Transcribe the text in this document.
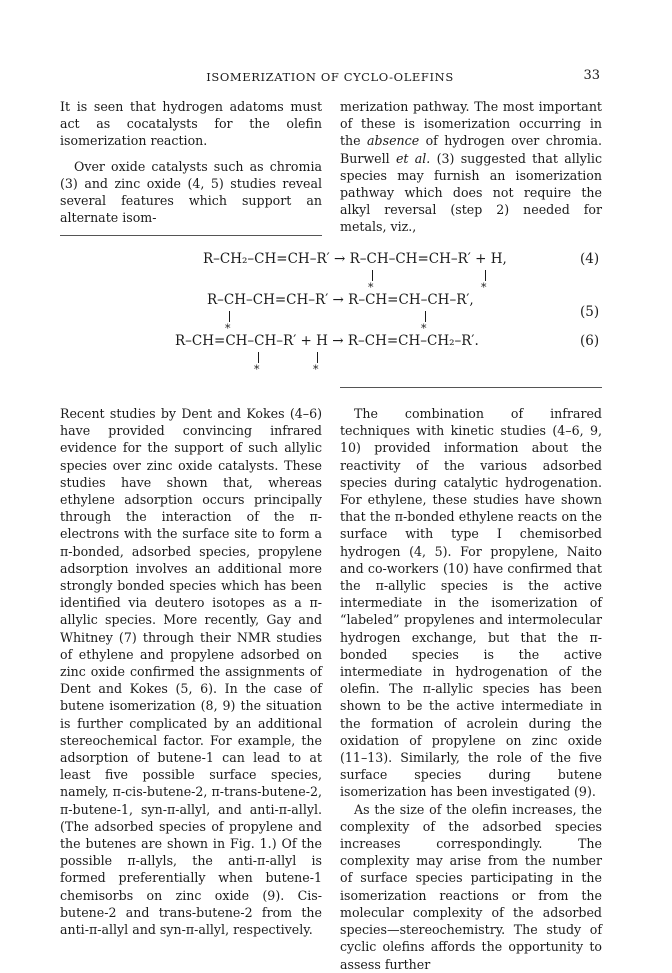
ISOMERIZATION OF CYCLO-OLEFINS	33

It is seen that hydrogen adatoms must act as cocatalysts for the olefin isomerization reaction.

Over oxide catalysts such as chromia (3) and zinc oxide (4, 5) studies reveal several features which support an alternate isom-

merization pathway. The most important of these is isomerization occurring in the absence of hydrogen over chromia. Burwell et al. (3) suggested that allylic species may furnish an isomerization pathway which does not require the alkyl reversal (step 2) needed for metals, viz.,

R–CH₂–CH=CH–R′ → R–CH–CH=CH–R′ + H,	(4)
*	*
R–CH–CH=CH–R′ → R–CH=CH–CH–R′,
(5)
*	*
R–CH=CH–CH–R′ + H → R–CH=CH–CH₂–R′.	(6)
*	*

Recent studies by Dent and Kokes (4–6) have provided convincing infrared evidence for the support of such allylic species over zinc oxide catalysts. These studies have shown that, whereas ethylene adsorption occurs principally through the interaction of the π-electrons with the surface site to form a π-bonded, adsorbed species, propylene adsorption involves an additional more strongly bonded species which has been identified via deutero isotopes as a π-allylic species. More recently, Gay and Whitney (7) through their NMR studies of ethylene and propylene adsorbed on zinc oxide confirmed the assignments of Dent and Kokes (5, 6). In the case of butene isomerization (8, 9) the situation is further complicated by an additional stereochemical factor. For example, the adsorption of butene-1 can lead to at least five possible surface species, namely, π-cis-butene-2, π-trans-butene-2, π-butene-1, syn-π-allyl, and anti-π-allyl. (The adsorbed species of propylene and the butenes are shown in Fig. 1.) Of the possible π-allyls, the anti-π-allyl is formed preferentially when butene-1 chemisorbs on zinc oxide (9). Cis-butene-2 and trans-butene-2 from the anti-π-allyl and syn-π-allyl, respectively.

The combination of infrared techniques with kinetic studies (4–6, 9, 10) provided information about the reactivity of the various adsorbed species during catalytic hydrogenation. For ethylene, these studies have shown that the π-bonded ethylene reacts on the surface with type I chemisorbed hydrogen (4, 5). For propylene, Naito and co-workers (10) have confirmed that the π-allylic species is the active intermediate in the isomerization of “labeled” propylenes and intermolecular hydrogen exchange, but that the π-bonded species is the active intermediate in hydrogenation of the olefin. The π-allylic species has been shown to be the active intermediate in the formation of acrolein during the oxidation of propylene on zinc oxide (11–13). Similarly, the role of the five surface species during butene isomerization has been investigated (9).

As the size of the olefin increases, the complexity of the adsorbed species increases correspondingly. The complexity may arise from the number of surface species participating in the isomerization reactions or from the molecular complexity of the adsorbed species—stereochemistry. The study of cyclic olefins affords the opportunity to assess further
